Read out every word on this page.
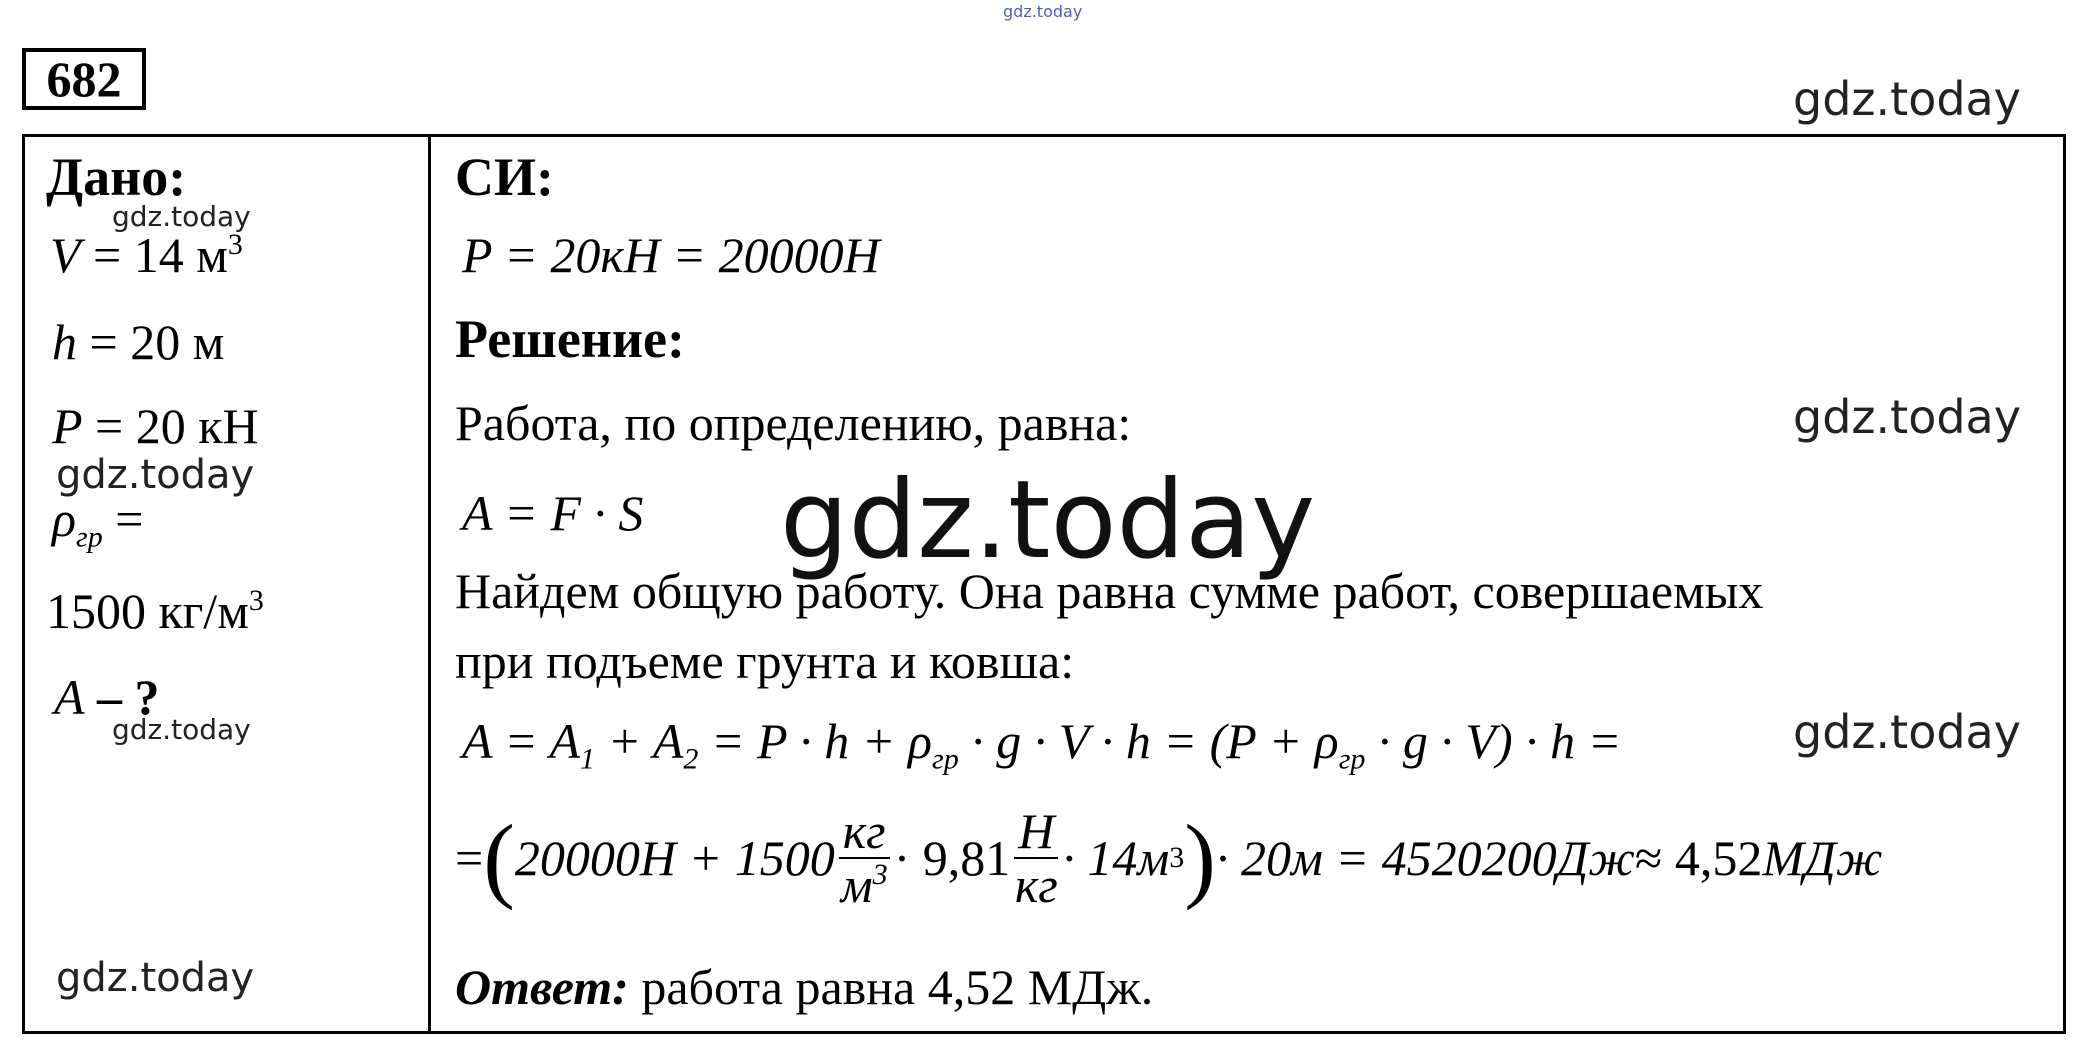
gdz.today
gdz.today
gdz.today
gdz.today
gdz.today
gdz.today
gdz.today
gdz.today
gdz.today
682
Дано:
V = 14 $м^3$
h = 20 м
P = 20 кН
$\rho_{гр}$ =
1500 $кг/м^3$
A – ?
СИ:
P = 20кН = 20000Н
Решение:
Работа, по определению, равна:
A = F · S
Найдем общую работу. Она равна сумме работ, совершаемых
при подъеме грунта и ковша:
$A = A_1 + A_2 = P \cdot h + \rho_{гр} \cdot g \cdot V \cdot h = (P + \rho_{гр} \cdot g \cdot V) \cdot h$ =
= ( $20000Н + 1500 \frac{кг}{м^3} \cdot 9,81 \frac{Н}{кг} \cdot 14м$ 3 ) · 20м = 4520200 Дж ≈ 4,52 МДж
Ответ: работа равна 4,52 МДж.
